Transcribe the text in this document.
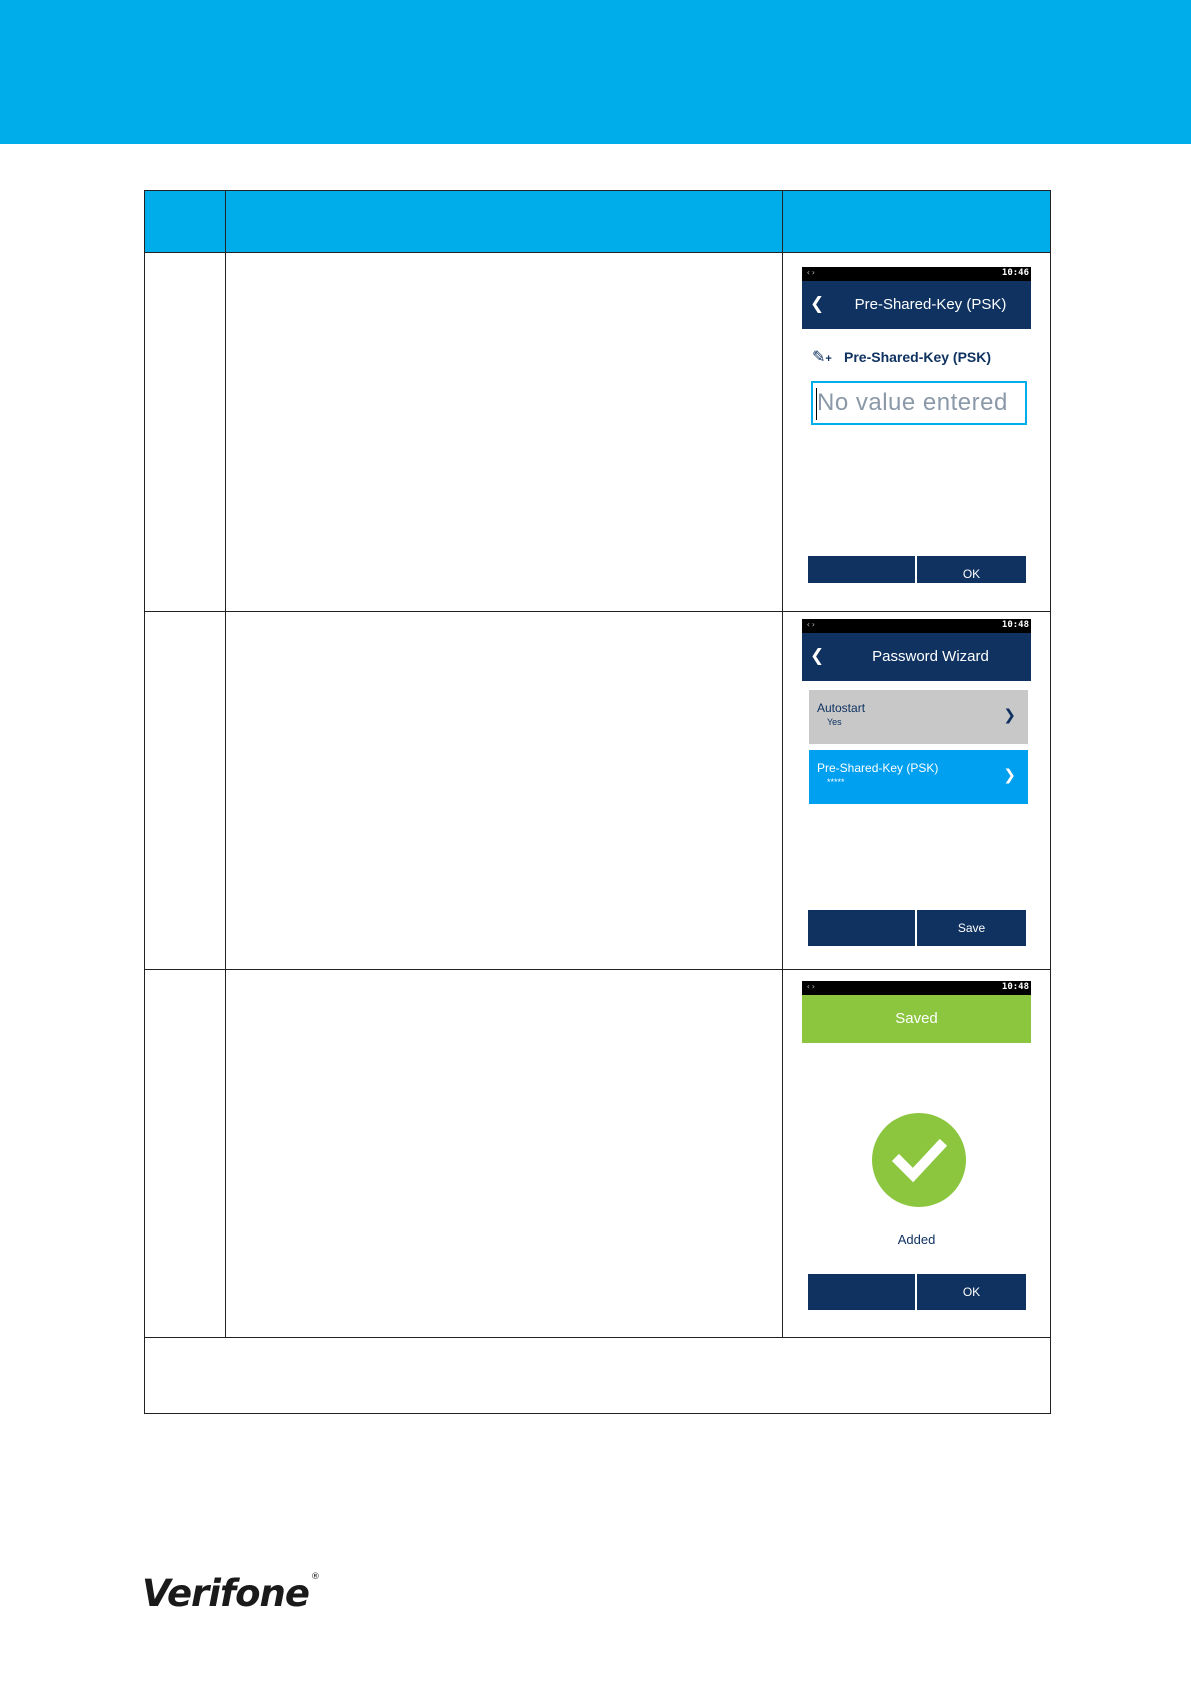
‹›	10:46
❮	Pre-Shared-Key (PSK)
✎+ Pre-Shared-Key (PSK)
No value entered
OK
‹›	10:48
❮	Password Wizard
Autostart
Yes	❯
Pre-Shared-Key (PSK)
*****	❯
Save
‹›	10:48
Saved
Added
OK
Verifone ®
